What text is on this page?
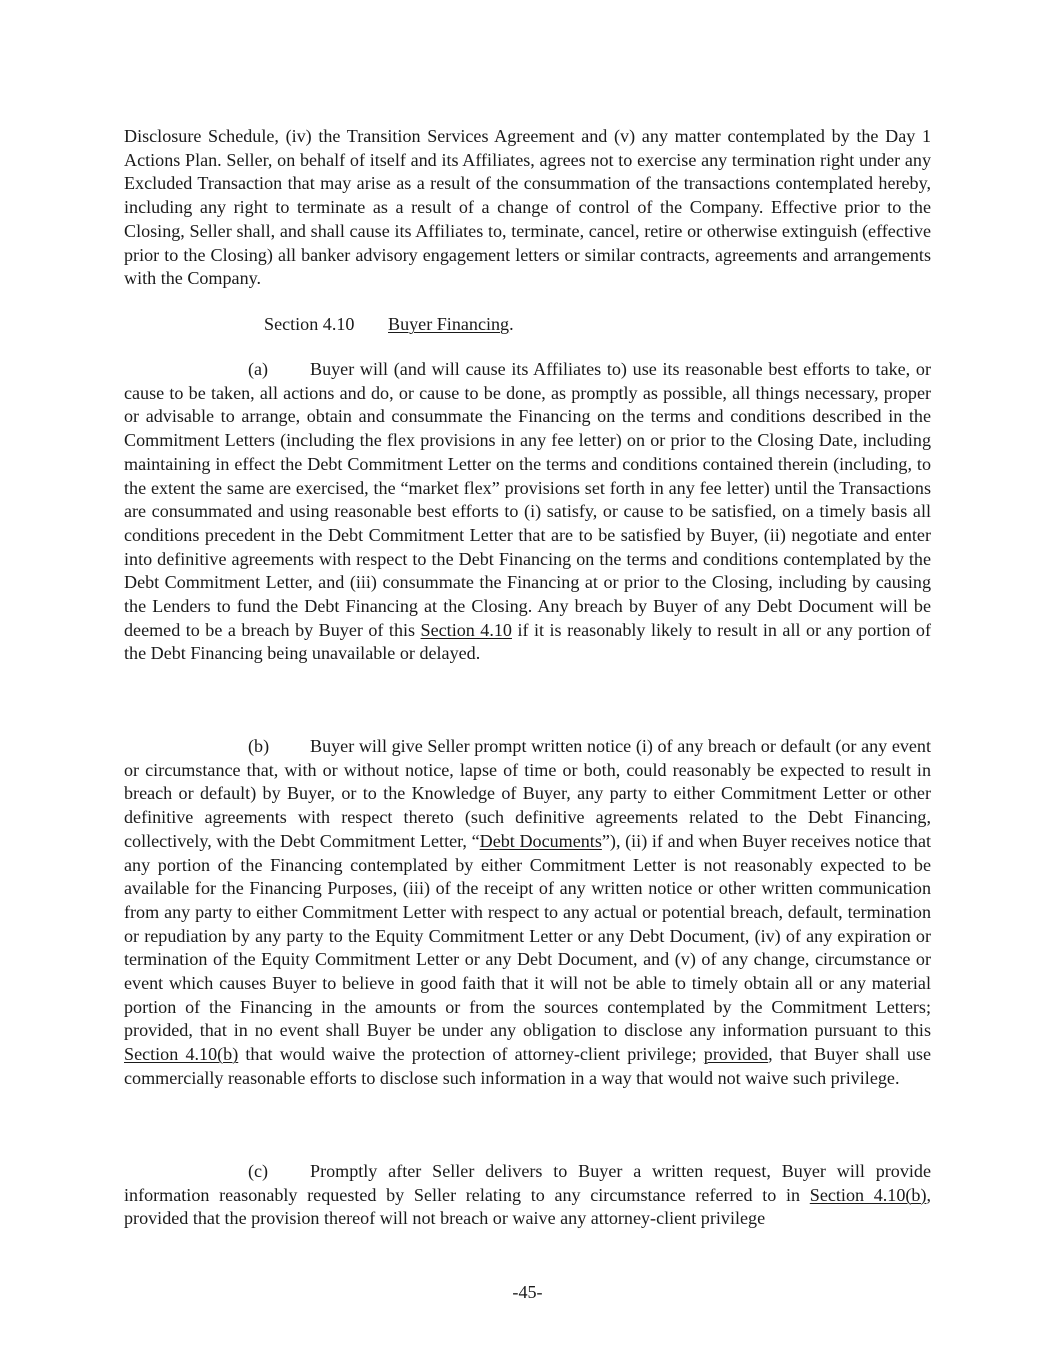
Disclosure Schedule, (iv) the Transition Services Agreement and (v) any matter contemplated by the Day 1 Actions Plan. Seller, on behalf of itself and its Affiliates, agrees not to exercise any termination right under any Excluded Transaction that may arise as a result of the consummation of the transactions contemplated hereby, including any right to terminate as a result of a change of control of the Company. Effective prior to the Closing, Seller shall, and shall cause its Affiliates to, terminate, cancel, retire or otherwise extinguish (effective prior to the Closing) all banker advisory engagement letters or similar contracts, agreements and arrangements with the Company.

Section 4.10 Buyer Financing.

(a) Buyer will (and will cause its Affiliates to) use its reasonable best efforts to take, or cause to be taken, all actions and do, or cause to be done, as promptly as possible, all things necessary, proper or advisable to arrange, obtain and consummate the Financing on the terms and conditions described in the Commitment Letters (including the flex provisions in any fee letter) on or prior to the Closing Date, including maintaining in effect the Debt Commitment Letter on the terms and conditions contained therein (including, to the extent the same are exercised, the “market flex” provisions set forth in any fee letter) until the Transactions are consummated and using reasonable best efforts to (i) satisfy, or cause to be satisfied, on a timely basis all conditions precedent in the Debt Commitment Letter that are to be satisfied by Buyer, (ii) negotiate and enter into definitive agreements with respect to the Debt Financing on the terms and conditions contemplated by the Debt Commitment Letter, and (iii) consummate the Financing at or prior to the Closing, including by causing the Lenders to fund the Debt Financing at the Closing. Any breach by Buyer of any Debt Document will be deemed to be a breach by Buyer of this Section 4.10 if it is reasonably likely to result in all or any portion of the Debt Financing being unavailable or delayed.

(b) Buyer will give Seller prompt written notice (i) of any breach or default (or any event or circumstance that, with or without notice, lapse of time or both, could reasonably be expected to result in breach or default) by Buyer, or to the Knowledge of Buyer, any party to either Commitment Letter or other definitive agreements with respect thereto (such definitive agreements related to the Debt Financing, collectively, with the Debt Commitment Letter, “Debt Documents”), (ii) if and when Buyer receives notice that any portion of the Financing contemplated by either Commitment Letter is not reasonably expected to be available for the Financing Purposes, (iii) of the receipt of any written notice or other written communication from any party to either Commitment Letter with respect to any actual or potential breach, default, termination or repudiation by any party to the Equity Commitment Letter or any Debt Document, (iv) of any expiration or termination of the Equity Commitment Letter or any Debt Document, and (v) of any change, circumstance or event which causes Buyer to believe in good faith that it will not be able to timely obtain all or any material portion of the Financing in the amounts or from the sources contemplated by the Commitment Letters; provided, that in no event shall Buyer be under any obligation to disclose any information pursuant to this Section 4.10(b) that would waive the protection of attorney-client privilege; provided, that Buyer shall use commercially reasonable efforts to disclose such information in a way that would not waive such privilege.

(c) Promptly after Seller delivers to Buyer a written request, Buyer will provide information reasonably requested by Seller relating to any circumstance referred to in Section 4.10(b), provided that the provision thereof will not breach or waive any attorney-client privilege

-45-
